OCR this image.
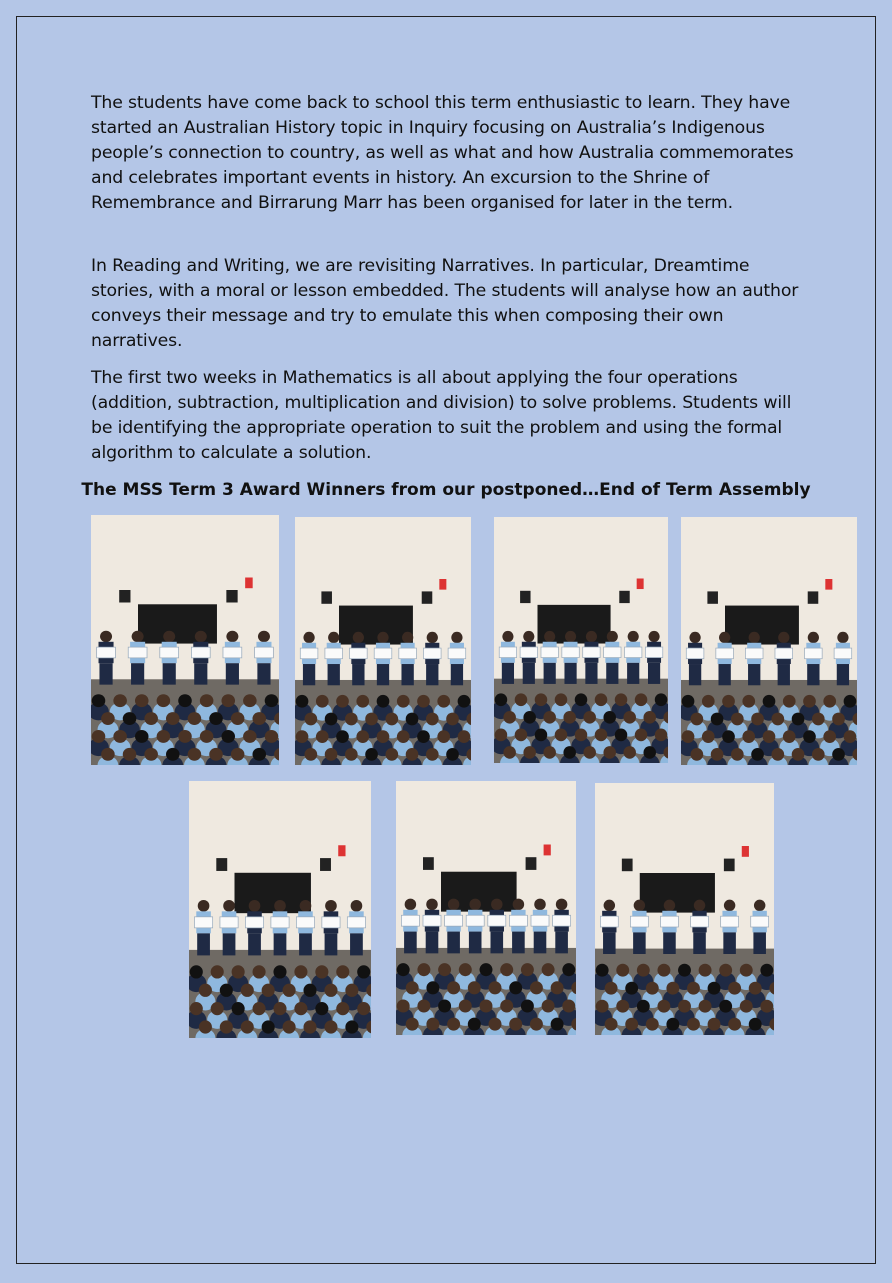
The students have come back to school this term enthusiastic to learn. They have started an Australian History topic in Inquiry focusing on Australia’s Indigenous people’s connection to country, as well as what and how Australia commemorates and celebrates important events in history. An excursion to the Shrine of Remembrance and Birrarung Marr has been organised for later in the term.

In Reading and Writing, we are revisiting Narratives. In particular, Dreamtime stories, with a moral or lesson embedded. The students will analyse how an author conveys their message and try to emulate this when composing their own narratives.

The first two weeks in Mathematics is all about applying the four operations (addition, subtraction, multiplication and division) to solve problems. Students will be identifying the appropriate operation to suit the problem and using the formal algorithm to calculate a solution.

The MSS Term 3 Award Winners from our postponed…End of Term Assembly
